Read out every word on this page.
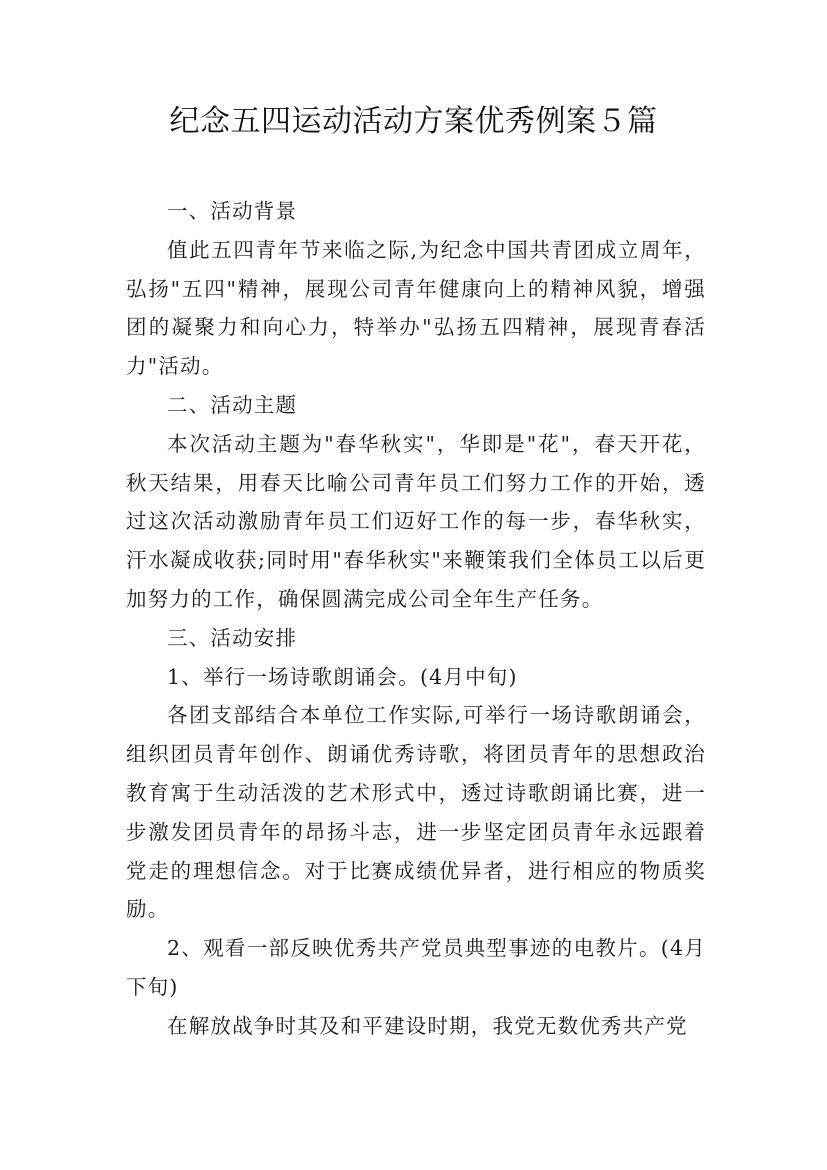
纪念五四运动活动方案优秀例案５篇

一、活动背景

值此五四青年节来临之际,为纪念中国共青团成立周年，弘扬"五四"精神，展现公司青年健康向上的精神风貌，增强团的凝聚力和向心力，特举办"弘扬五四精神，展现青春活力"活动。

二、活动主题

本次活动主题为"春华秋实"，华即是"花"，春天开花，秋天结果，用春天比喻公司青年员工们努力工作的开始，透过这次活动激励青年员工们迈好工作的每一步，春华秋实，汗水凝成收获;同时用"春华秋实"来鞭策我们全体员工以后更加努力的工作，确保圆满完成公司全年生产任务。

三、活动安排

1、举行一场诗歌朗诵会。(4月中旬)

各团支部结合本单位工作实际,可举行一场诗歌朗诵会，组织团员青年创作、朗诵优秀诗歌，将团员青年的思想政治教育寓于生动活泼的艺术形式中，透过诗歌朗诵比赛，进一步激发团员青年的昂扬斗志，进一步坚定团员青年永远跟着党走的理想信念。对于比赛成绩优异者，进行相应的物质奖励。

2、观看一部反映优秀共产党员典型事迹的电教片。(4月下旬)

在解放战争时其及和平建设时期，我党无数优秀共产党
